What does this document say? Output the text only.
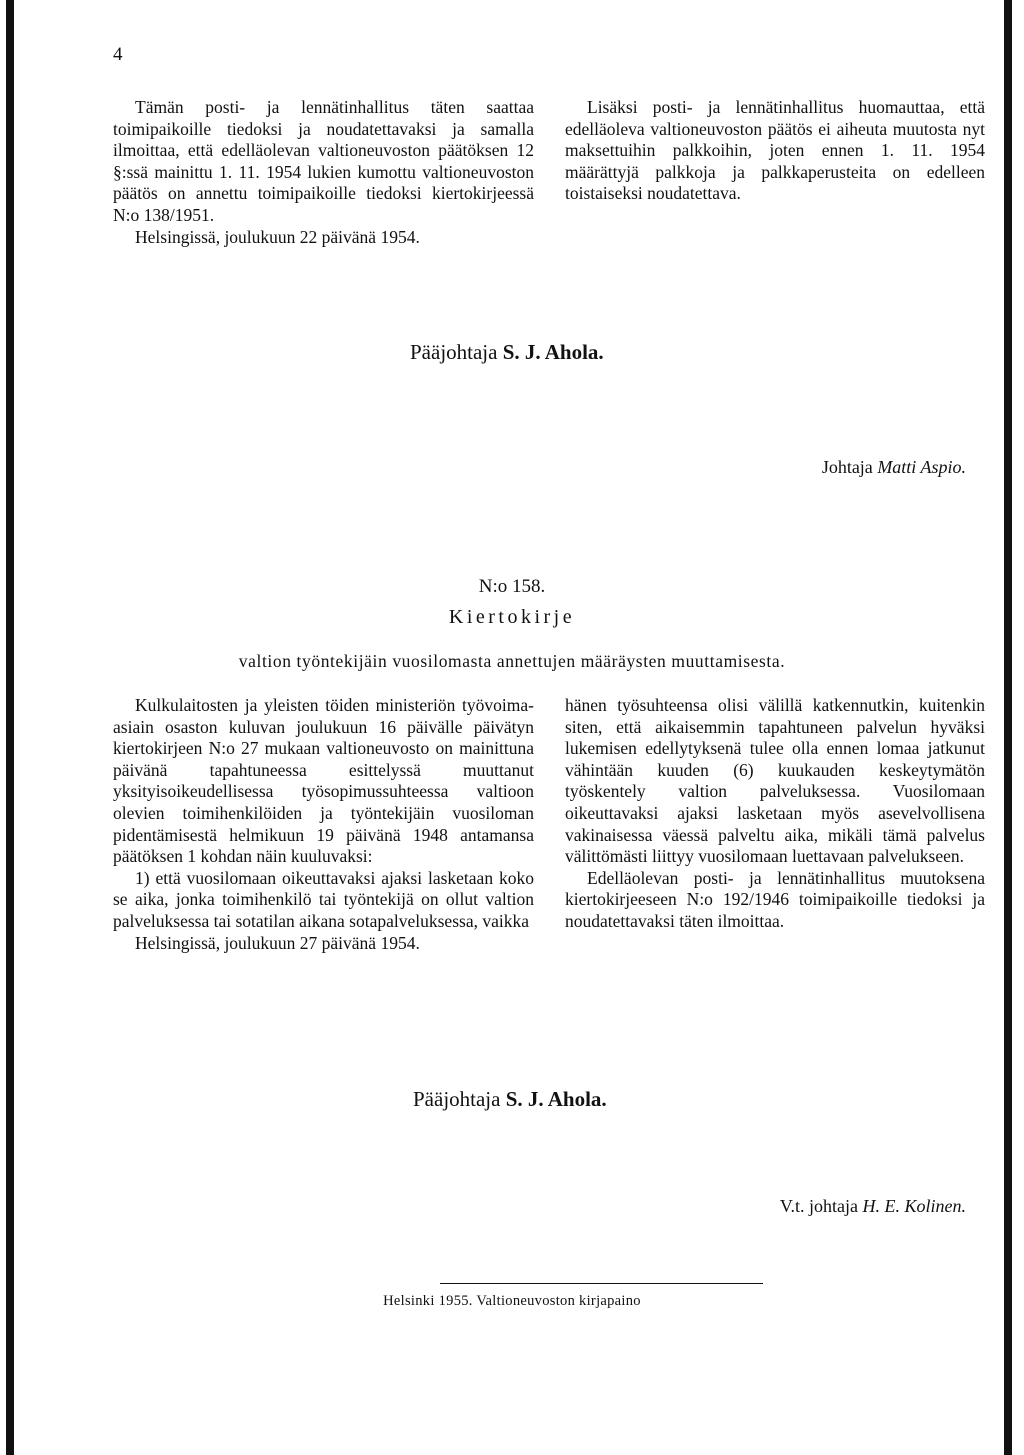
4

Tämän posti- ja lennätinhallitus täten saattaa toimipaikoille tiedoksi ja noudatettavaksi ja samalla ilmoittaa, että edelläolevan valtioneuvoston päätöksen 12 §:ssä mainittu 1. 11. 1954 lukien kumottu valtioneuvoston päätös on annettu toimipaikoille tiedoksi kiertokirjeessä N:o 138/1951.

Helsingissä, joulukuun 22 päivänä 1954.

Lisäksi posti- ja lennätinhallitus huomauttaa, että edelläoleva valtioneuvoston päätös ei aiheuta muutosta nyt maksettuihin palkkoihin, joten ennen 1. 11. 1954 määrättyjä palkkoja ja palkkaperusteita on edelleen toistaiseksi noudatettava.

Pääjohtaja S. J. Ahola.
Johtaja Matti Aspio.
N:o 158.
Kiertokirje
valtion työntekijäin vuosilomasta annettujen määräysten muuttamisesta.

Kulkulaitosten ja yleisten töiden ministeriön työvoima-asiain osaston kuluvan joulukuun 16 päivälle päivätyn kiertokirjeen N:o 27 mukaan valtioneuvosto on mainittuna päivänä tapahtuneessa esittelyssä muuttanut yksityisoikeudellisessa työsopimussuhteessa valtioon olevien toimihenkilöiden ja työntekijäin vuosiloman pidentämisestä helmikuun 19 päivänä 1948 antamansa päätöksen 1 kohdan näin kuuluvaksi:

1) että vuosilomaan oikeuttavaksi ajaksi lasketaan koko se aika, jonka toimihenkilö tai työntekijä on ollut valtion palveluksessa tai sotatilan aikana sotapalveluksessa, vaikka

Helsingissä, joulukuun 27 päivänä 1954.

hänen työsuhteensa olisi välillä katkennutkin, kuitenkin siten, että aikaisemmin tapahtuneen palvelun hyväksi lukemisen edellytyksenä tulee olla ennen lomaa jatkunut vähintään kuuden (6) kuukauden keskeytymätön työskentely valtion palveluksessa. Vuosilomaan oikeuttavaksi ajaksi lasketaan myös asevelvollisena vakinaisessa väessä palveltu aika, mikäli tämä palvelus välittömästi liittyy vuosilomaan luettavaan palvelukseen.

Edelläolevan posti- ja lennätinhallitus muutoksena kiertokirjeeseen N:o 192/1946 toimipaikoille tiedoksi ja noudatettavaksi täten ilmoittaa.

Pääjohtaja S. J. Ahola.
V.t. johtaja H. E. Kolinen.
Helsinki 1955. Valtioneuvoston kirjapaino
